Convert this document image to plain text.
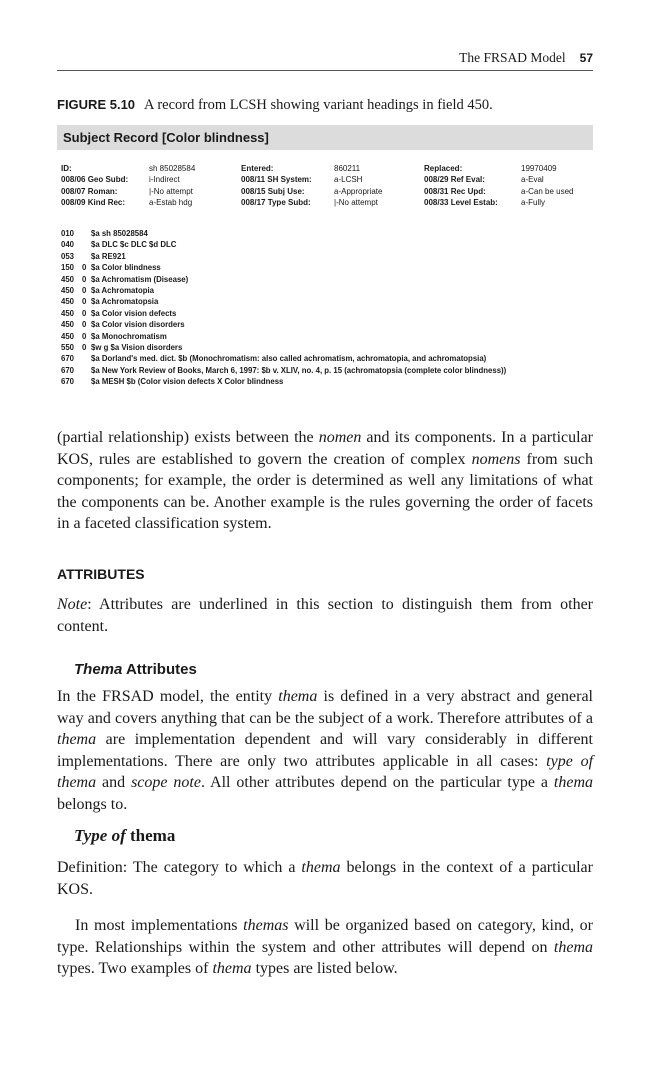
The FRSAD Model 57
FIGURE 5.10 A record from LCSH showing variant headings in field 450.
Subject Record [Color blindness]
ID:	sh 85028584	Entered:	860211	Replaced:	19970409
008/06 Geo Subd:	i-Indirect	008/11 SH System:	a-LCSH	008/29 Ref Eval:	a-Eval
008/07 Roman:	|-No attempt	008/15 Subj Use:	a-Appropriate	008/31 Rec Upd:	a-Can be used
008/09 Kind Rec:	a-Estab hdg	008/17 Type Subd:	|-No attempt	008/33 Level Estab:	a-Fully
010 $a sh 85028584
040 $a DLC $c DLC $d DLC
053 $a RE921
150 0 $a Color blindness
450 0 $a Achromatism (Disease)
450 0 $a Achromatopia
450 0 $a Achromatopsia
450 0 $a Color vision defects
450 0 $a Color vision disorders
450 0 $a Monochromatism
550 0 $w g $a Vision disorders
670 $a Dorland's med. dict. $b (Monochromatism: also called achromatism, achromatopia, and achromatopsia)
670 $a New York Review of Books, March 6, 1997: $b v. XLIV, no. 4, p. 15 (achromatopsia (complete color blindness))
670 $a MESH $b (Color vision defects X Color blindness

(partial relationship) exists between the nomen and its components. In a particular KOS, rules are established to govern the creation of complex nomens from such components; for example, the order is determined as well any limitations of what the components can be. Another example is the rules governing the order of facets in a faceted classification system.

ATTRIBUTES

Note: Attributes are underlined in this section to distinguish them from other content.

Thema Attributes

In the FRSAD model, the entity thema is defined in a very abstract and general way and covers anything that can be the subject of a work. Therefore attributes of a thema are implementation dependent and will vary considerably in different implementations. There are only two attributes applicable in all cases: type of thema and scope note. All other attributes depend on the particular type a thema belongs to.

Type of thema

Definition: The category to which a thema belongs in the context of a particular KOS.

In most implementations themas will be organized based on category, kind, or type. Relationships within the system and other attributes will depend on thema types. Two examples of thema types are listed below.
